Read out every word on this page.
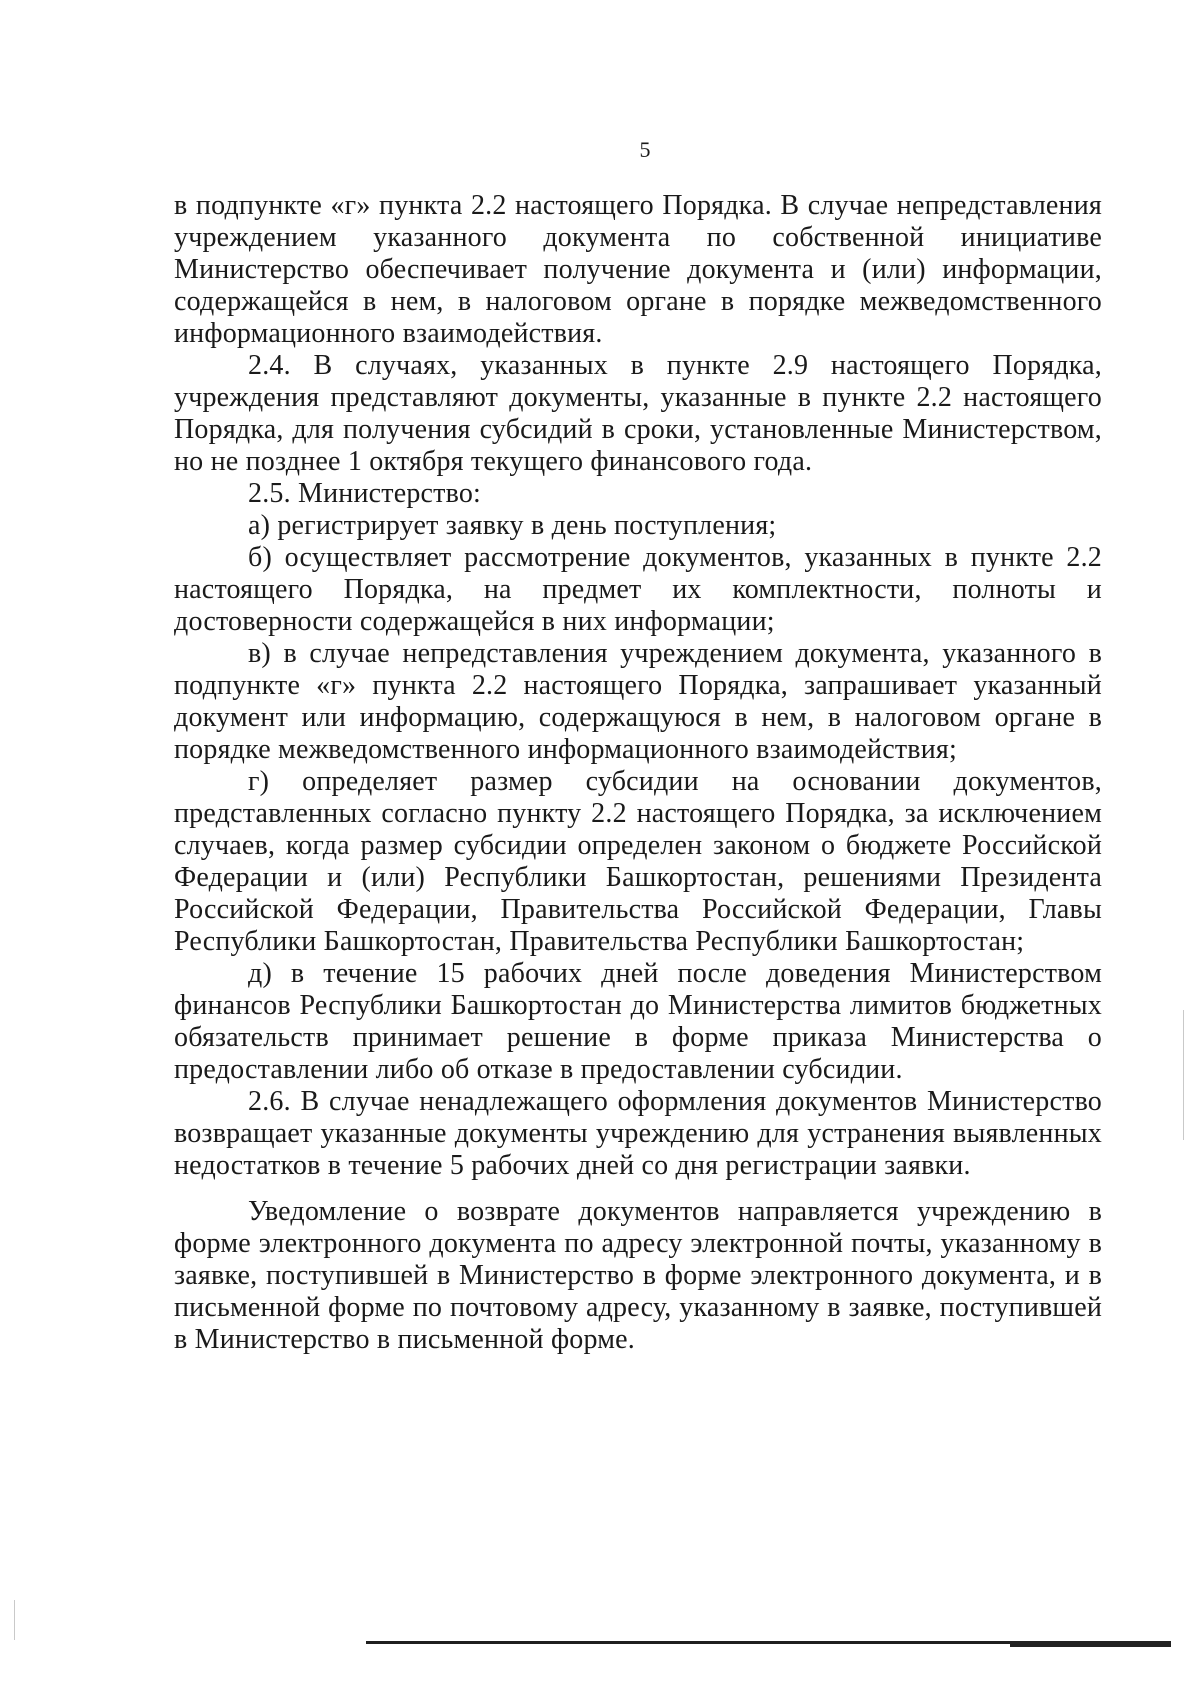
5

в подпункте «г» пункта 2.2 настоящего Порядка. В случае непредставления учреждением указанного документа по собственной инициативе Министерство обеспечивает получение документа и (или) информации, содержащейся в нем, в налоговом органе в порядке межведомственного информационного взаимодействия.

2.4. В случаях, указанных в пункте 2.9 настоящего Порядка, учреждения представляют документы, указанные в пункте 2.2 настоящего Порядка, для получения субсидий в сроки, установленные Министерством, но не позднее 1 октября текущего финансового года.

2.5. Министерство:

а) регистрирует заявку в день поступления;

б) осуществляет рассмотрение документов, указанных в пункте 2.2 настоящего Порядка, на предмет их комплектности, полноты и достоверности содержащейся в них информации;

в) в случае непредставления учреждением документа, указанного в подпункте «г» пункта 2.2 настоящего Порядка, запрашивает указанный документ или информацию, содержащуюся в нем, в налоговом органе в порядке межведомственного информационного взаимодействия;

г) определяет размер субсидии на основании документов, представленных согласно пункту 2.2 настоящего Порядка, за исключением случаев, когда размер субсидии определен законом о бюджете Российской Федерации и (или) Республики Башкортостан, решениями Президента Российской Федерации, Правительства Российской Федерации, Главы Республики Башкортостан, Правительства Республики Башкортостан;

д) в течение 15 рабочих дней после доведения Министерством финансов Республики Башкортостан до Министерства лимитов бюджетных обязательств принимает решение в форме приказа Министерства о предоставлении либо об отказе в предоставлении субсидии.

2.6. В случае ненадлежащего оформления документов Министерство возвращает указанные документы учреждению для устранения выявленных недостатков в течение 5 рабочих дней со дня регистрации заявки.

Уведомление о возврате документов направляется учреждению в форме электронного документа по адресу электронной почты, указанному в заявке, поступившей в Министерство в форме электронного документа, и в письменной форме по почтовому адресу, указанному в заявке, поступившей в Министерство в письменной форме.
